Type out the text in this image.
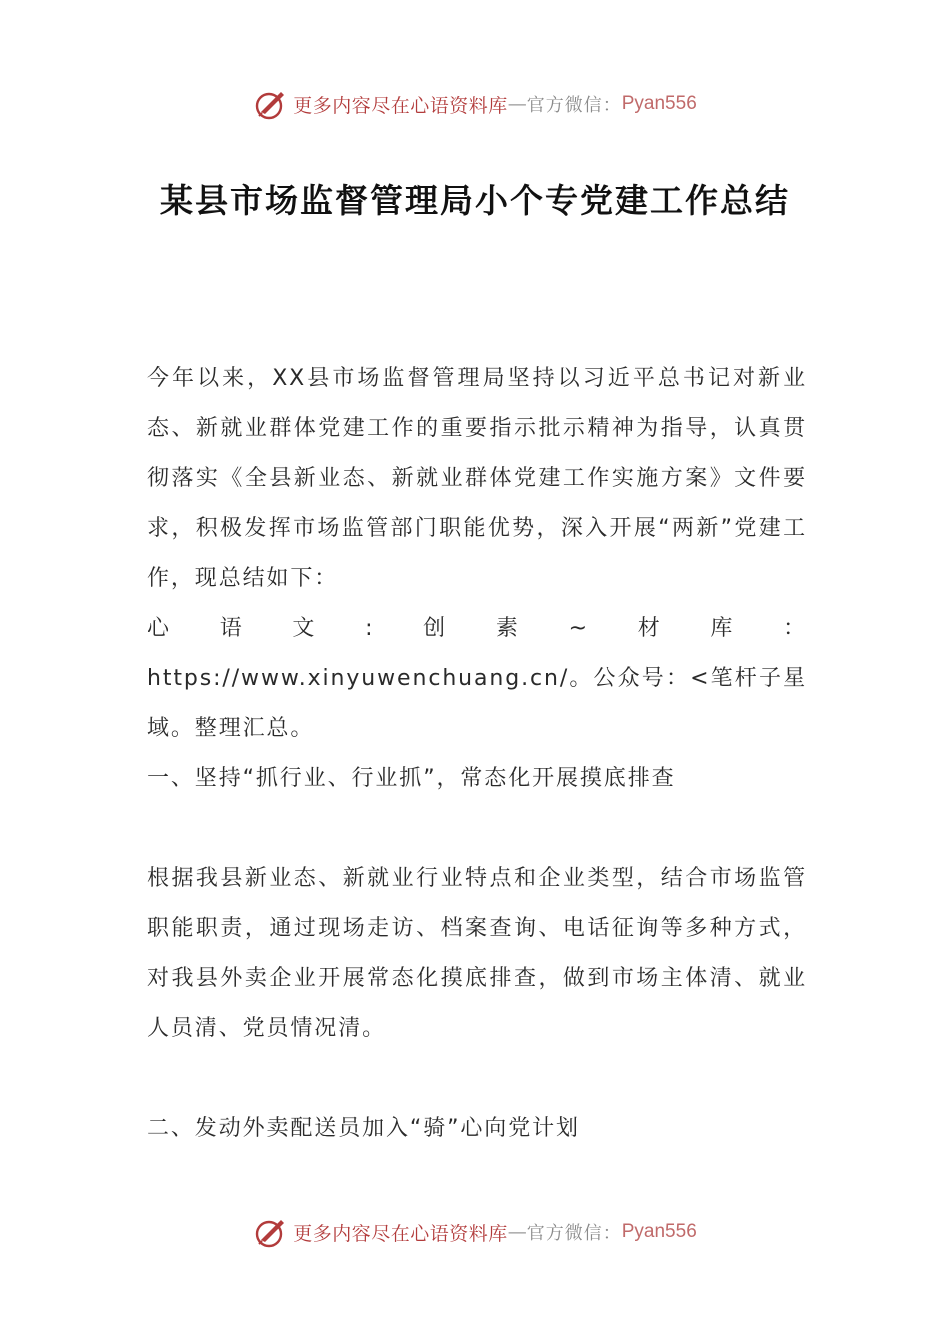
更多内容尽在心语资料库 — 官方微信： Pyan556
某县市场监督管理局小个专党建工作总结

今年以来，XX县市场监督管理局坚持以习近平总书记对新业态、新就业群体党建工作的重要指示批示精神为指导，认真贯彻落实《全县新业态、新就业群体党建工作实施方案》文件要求，积极发挥市场监管部门职能优势，深入开展“两新”党建工作，现总结如下：

心语文:创素~材库：https://www.xinyuwenchuang.cn/。公众号：<笔杆子星域。整理汇总。

一、坚持“抓行业、行业抓”，常态化开展摸底排查

根据我县新业态、新就业行业特点和企业类型，结合市场监管职能职责，通过现场走访、档案查询、电话征询等多种方式，对我县外卖企业开展常态化摸底排查，做到市场主体清、就业人员清、党员情况清。

二、发动外卖配送员加入“骑”心向党计划

更多内容尽在心语资料库 — 官方微信： Pyan556
